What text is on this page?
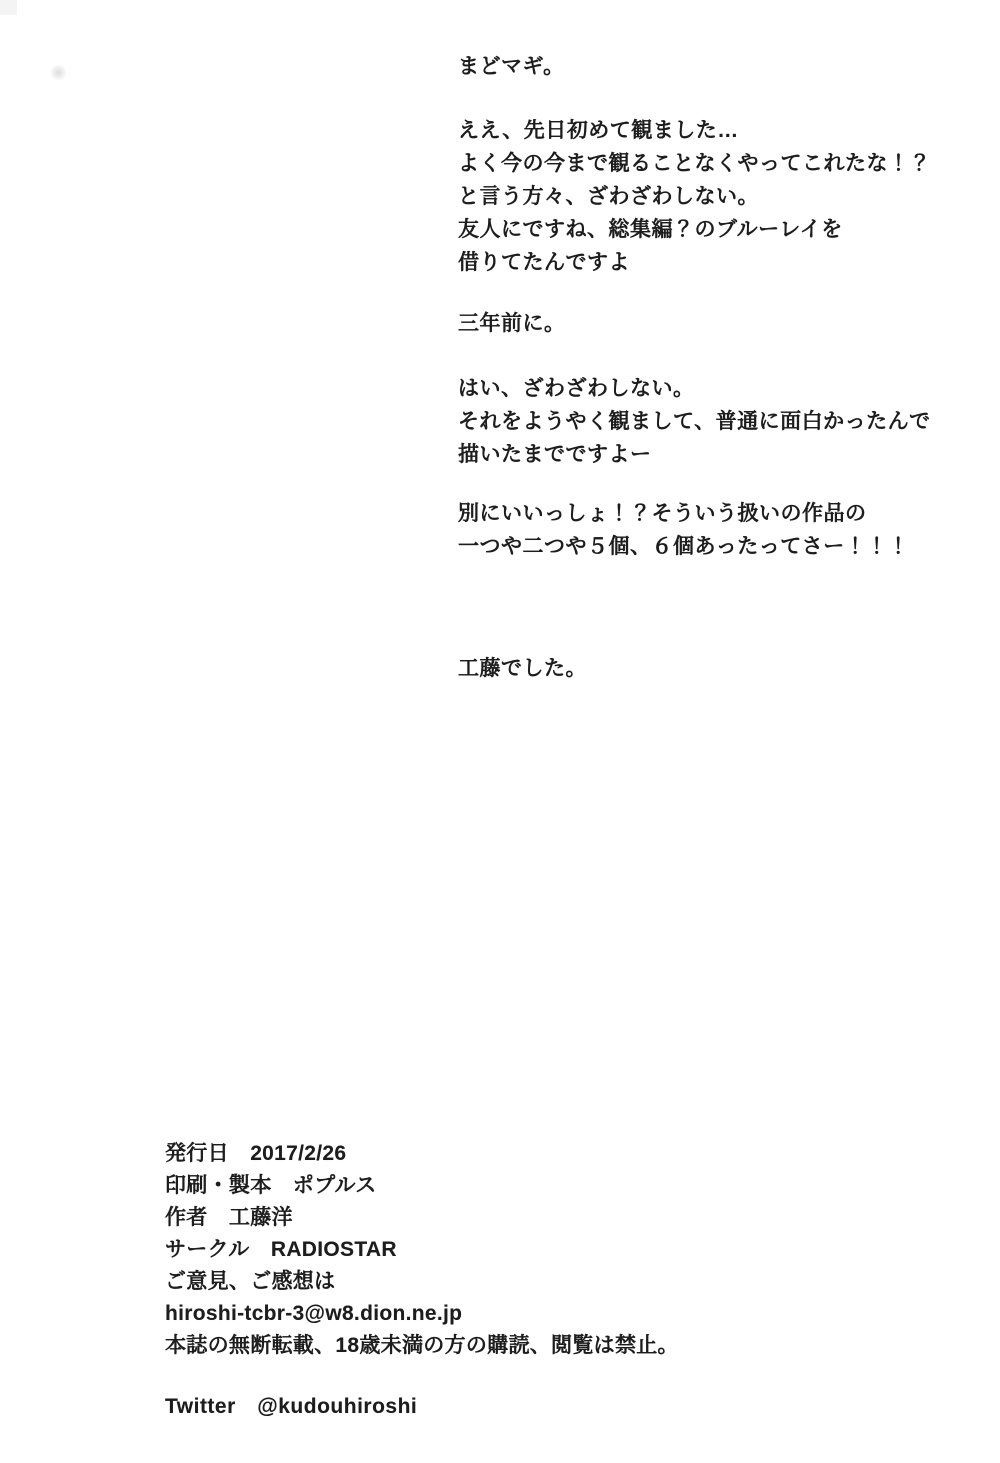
まどマギ。

ええ、先日初めて観ました…
よく今の今まで観ることなくやってこれたな！？
と言う方々、ざわざわしない。
友人にですね、総集編？のブルーレイを
借りてたんですよ

三年前に。

はい、ざわざわしない。
それをようやく観まして、普通に面白かったんで
描いたまでですよー

別にいいっしょ！？そういう扱いの作品の
一つや二つや５個、６個あったってさー！！！

工藤でした。

発行日　2017/2/26
印刷・製本　ポプルス
作者　工藤洋
サークル　RADIOSTAR
ご意見、ご感想は
hiroshi-tcbr-3@w8.dion.ne.jp
本誌の無断転載、18歳未満の方の購読、閲覧は禁止。
Twitter　@kudouhiroshi
